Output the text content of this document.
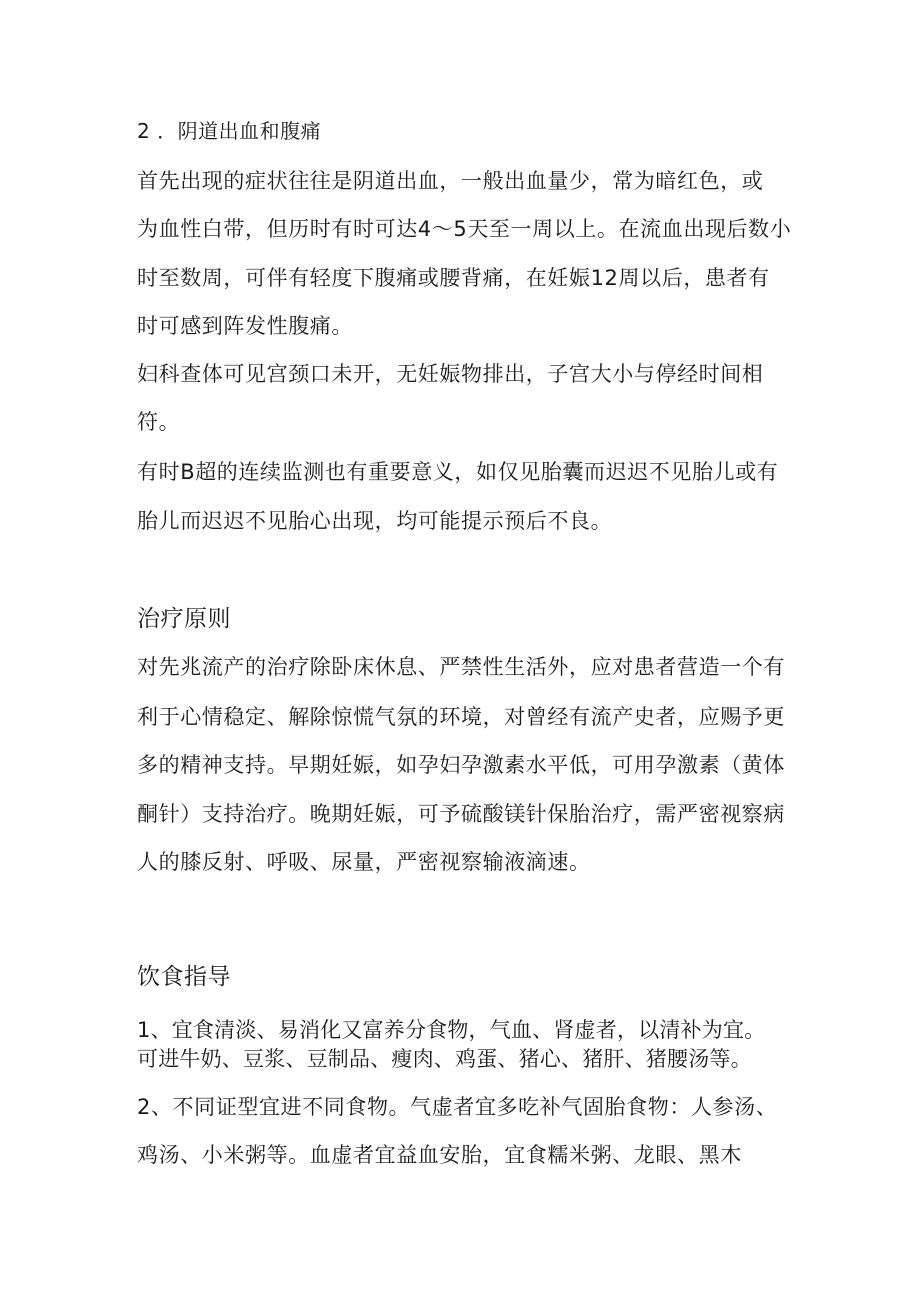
2 ．阴道出血和腹痛
首先出现的症状往往是阴道出血，一般出血量少，常为暗红色，或
为血性白带，但历时有时可达4～5天至一周以上。在流血出现后数小
时至数周，可伴有轻度下腹痛或腰背痛，在妊娠12周以后，患者有
时可感到阵发性腹痛。
妇科查体可见宫颈口未开，无妊娠物排出，子宫大小与停经时间相
符。
有时B超的连续监测也有重要意义，如仅见胎囊而迟迟不见胎儿或有
胎儿而迟迟不见胎心出现，均可能提示预后不良。
治疗原则
对先兆流产的治疗除卧床休息、严禁性生活外，应对患者营造一个有
利于心情稳定、解除惊慌气氛的环境，对曾经有流产史者，应赐予更
多的精神支持。早期妊娠，如孕妇孕激素水平低，可用孕激素（黄体
酮针）支持治疗。晚期妊娠，可予硫酸镁针保胎治疗，需严密视察病
人的膝反射、呼吸、尿量，严密视察输液滴速。
饮食指导
1、宜食清淡、易消化又富养分食物，气血、肾虚者，以清补为宜。
可进牛奶、豆浆、豆制品、瘦肉、鸡蛋、猪心、猪肝、猪腰汤等。
2、不同证型宜进不同食物。气虚者宜多吃补气固胎食物：人参汤、
鸡汤、小米粥等。血虚者宜益血安胎，宜食糯米粥、龙眼、黑木
